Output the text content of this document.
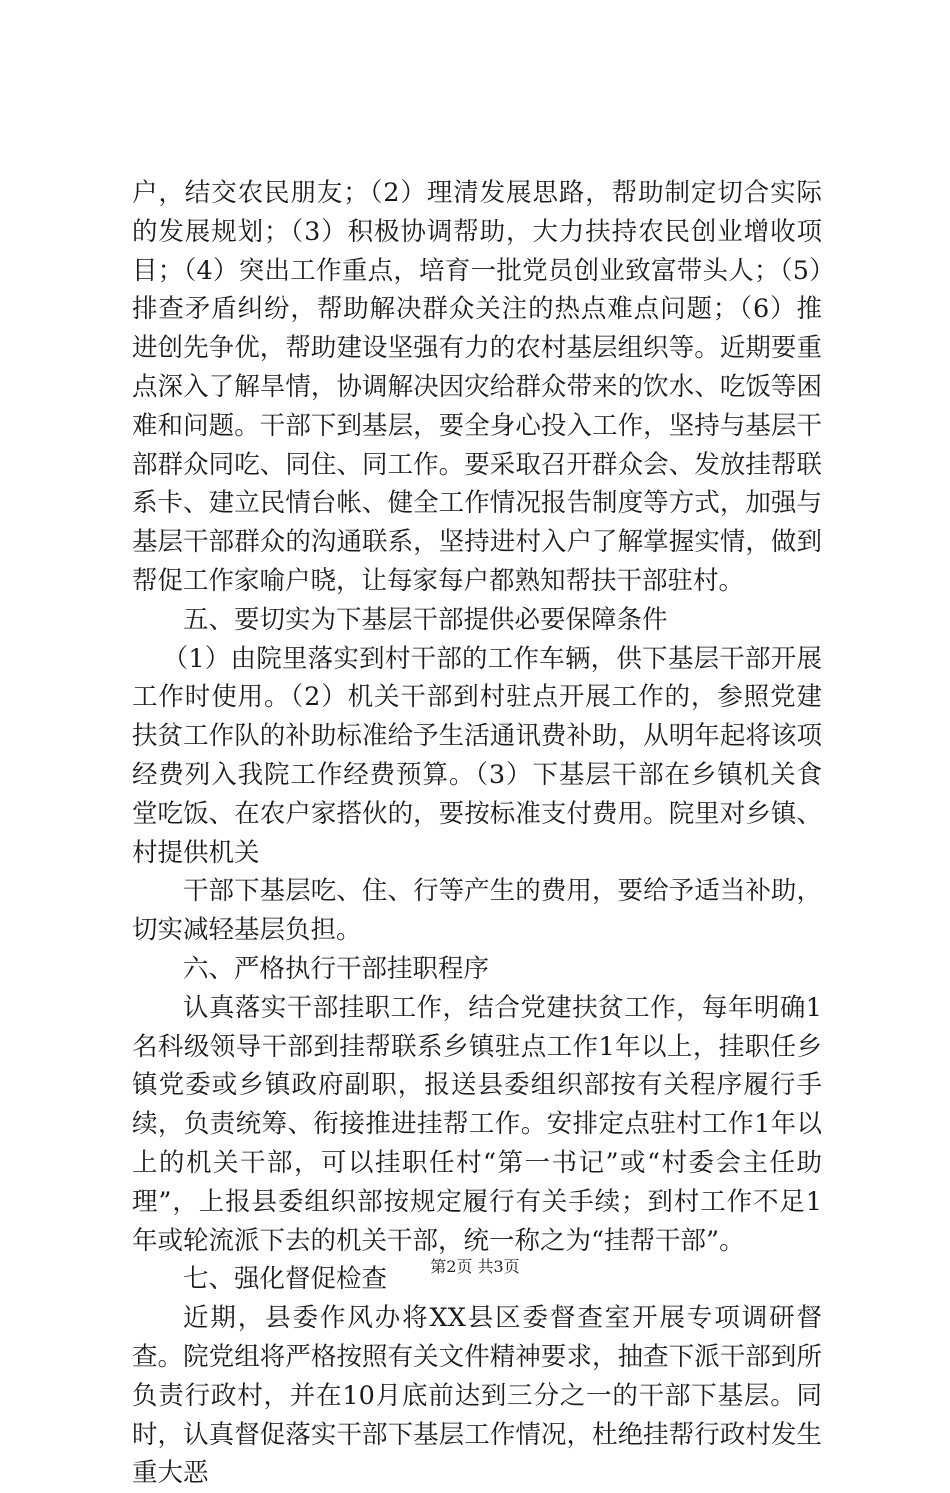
户，结交农民朋友；（2）理清发展思路，帮助制定切合实际的发展规划；（3）积极协调帮助，大力扶持农民创业增收项目；（4）突出工作重点，培育一批党员创业致富带头人；（5）排查矛盾纠纷，帮助解决群众关注的热点难点问题；（6）推进创先争优，帮助建设坚强有力的农村基层组织等。近期要重点深入了解旱情，协调解决因灾给群众带来的饮水、吃饭等困难和问题。干部下到基层，要全身心投入工作，坚持与基层干部群众同吃、同住、同工作。要采取召开群众会、发放挂帮联系卡、建立民情台帐、健全工作情况报告制度等方式，加强与基层干部群众的沟通联系，坚持进村入户了解掌握实情，做到帮促工作家喻户晓，让每家每户都熟知帮扶干部驻村。

五、要切实为下基层干部提供必要保障条件

（1）由院里落实到村干部的工作车辆，供下基层干部开展工作时使用。（2）机关干部到村驻点开展工作的，参照党建扶贫工作队的补助标准给予生活通讯费补助，从明年起将该项经费列入我院工作经费预算。（3）下基层干部在乡镇机关食堂吃饭、在农户家搭伙的，要按标准支付费用。院里对乡镇、村提供机关

干部下基层吃、住、行等产生的费用，要给予适当补助，切实减轻基层负担。

六、严格执行干部挂职程序

认真落实干部挂职工作，结合党建扶贫工作，每年明确1名科级领导干部到挂帮联系乡镇驻点工作1年以上，挂职任乡镇党委或乡镇政府副职，报送县委组织部按有关程序履行手续，负责统筹、衔接推进挂帮工作。安排定点驻村工作1年以上的机关干部，可以挂职任村“第一书记”或“村委会主任助理”，上报县委组织部按规定履行有关手续；到村工作不足1年或轮流派下去的机关干部，统一称之为“挂帮干部”。

七、强化督促检查

近期，县委作风办将XX县区委督查室开展专项调研督查。院党组将严格按照有关文件精神要求，抽查下派干部到所负责行政村，并在10月底前达到三分之一的干部下基层。同时，认真督促落实干部下基层工作情况，杜绝挂帮行政村发生重大恶

第2页 共3页
